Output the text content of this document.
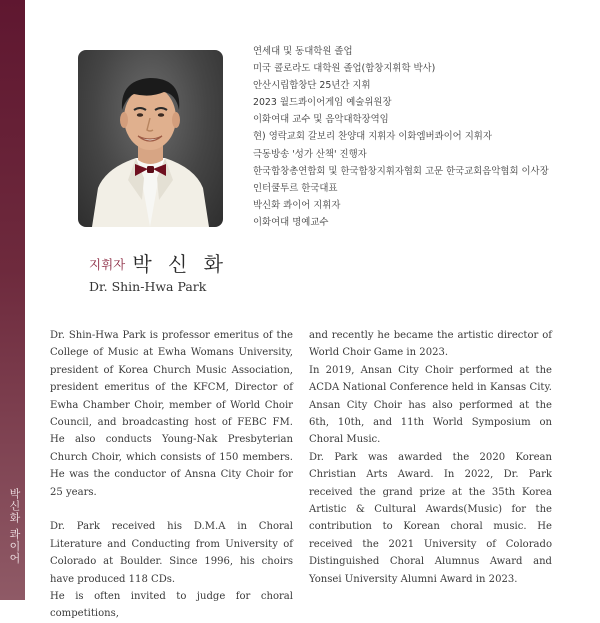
박신화 콰이어
연세대 및 동대학원 졸업
미국 콜로라도 대학원 졸업(합창지휘학 박사)
안산시립합창단 25년간 지휘
2023 월드콰이어게임 예술위원장
이화여대 교수 및 음악대학장역임
현) 영락교회 갈보리 찬양대 지휘자 이화엠버콰이어 지휘자
극동방송 '성가 산책' 진행자
한국합창총연합회 및 한국합창지휘자협회 고문 한국교회음악협회 이사장
인터쿨투르 한국대표
박신화 콰이어 지휘자
이화여대 명예교수
지휘자 박 신 화
Dr. Shin-Hwa Park

Dr. Shin-Hwa Park is professor emeritus of the College of Music at Ewha Womans University, president of Korea Church Music Association, president emeritus of the KFCM, Director of Ewha Chamber Choir, member of World Choir Council, and broadcasting host of FEBC FM. He also conducts Young-Nak Presbyterian Church Choir, which consists of 150 members. He was the conductor of Ansna City Choir for 25 years.

Dr. Park received his D.M.A in Choral Literature and Conducting from University of Colorado at Boulder. Since 1996, his choirs have produced 118 CDs.

He is often invited to judge for choral competitions,

and recently he became the artistic director of World Choir Game in 2023.

In 2019, Ansan City Choir performed at the ACDA National Conference held in Kansas City. Ansan City Choir has also performed at the 6th, 10th, and 11th World Symposium on Choral Music.

Dr. Park was awarded the 2020 Korean Christian Arts Award. In 2022, Dr. Park received the grand prize at the 35th Korea Artistic & Cultural Awards(Music) for the contribution to Korean choral music. He received the 2021 University of Colorado Distinguished Choral Alumnus Award and Yonsei University Alumni Award in 2023.
